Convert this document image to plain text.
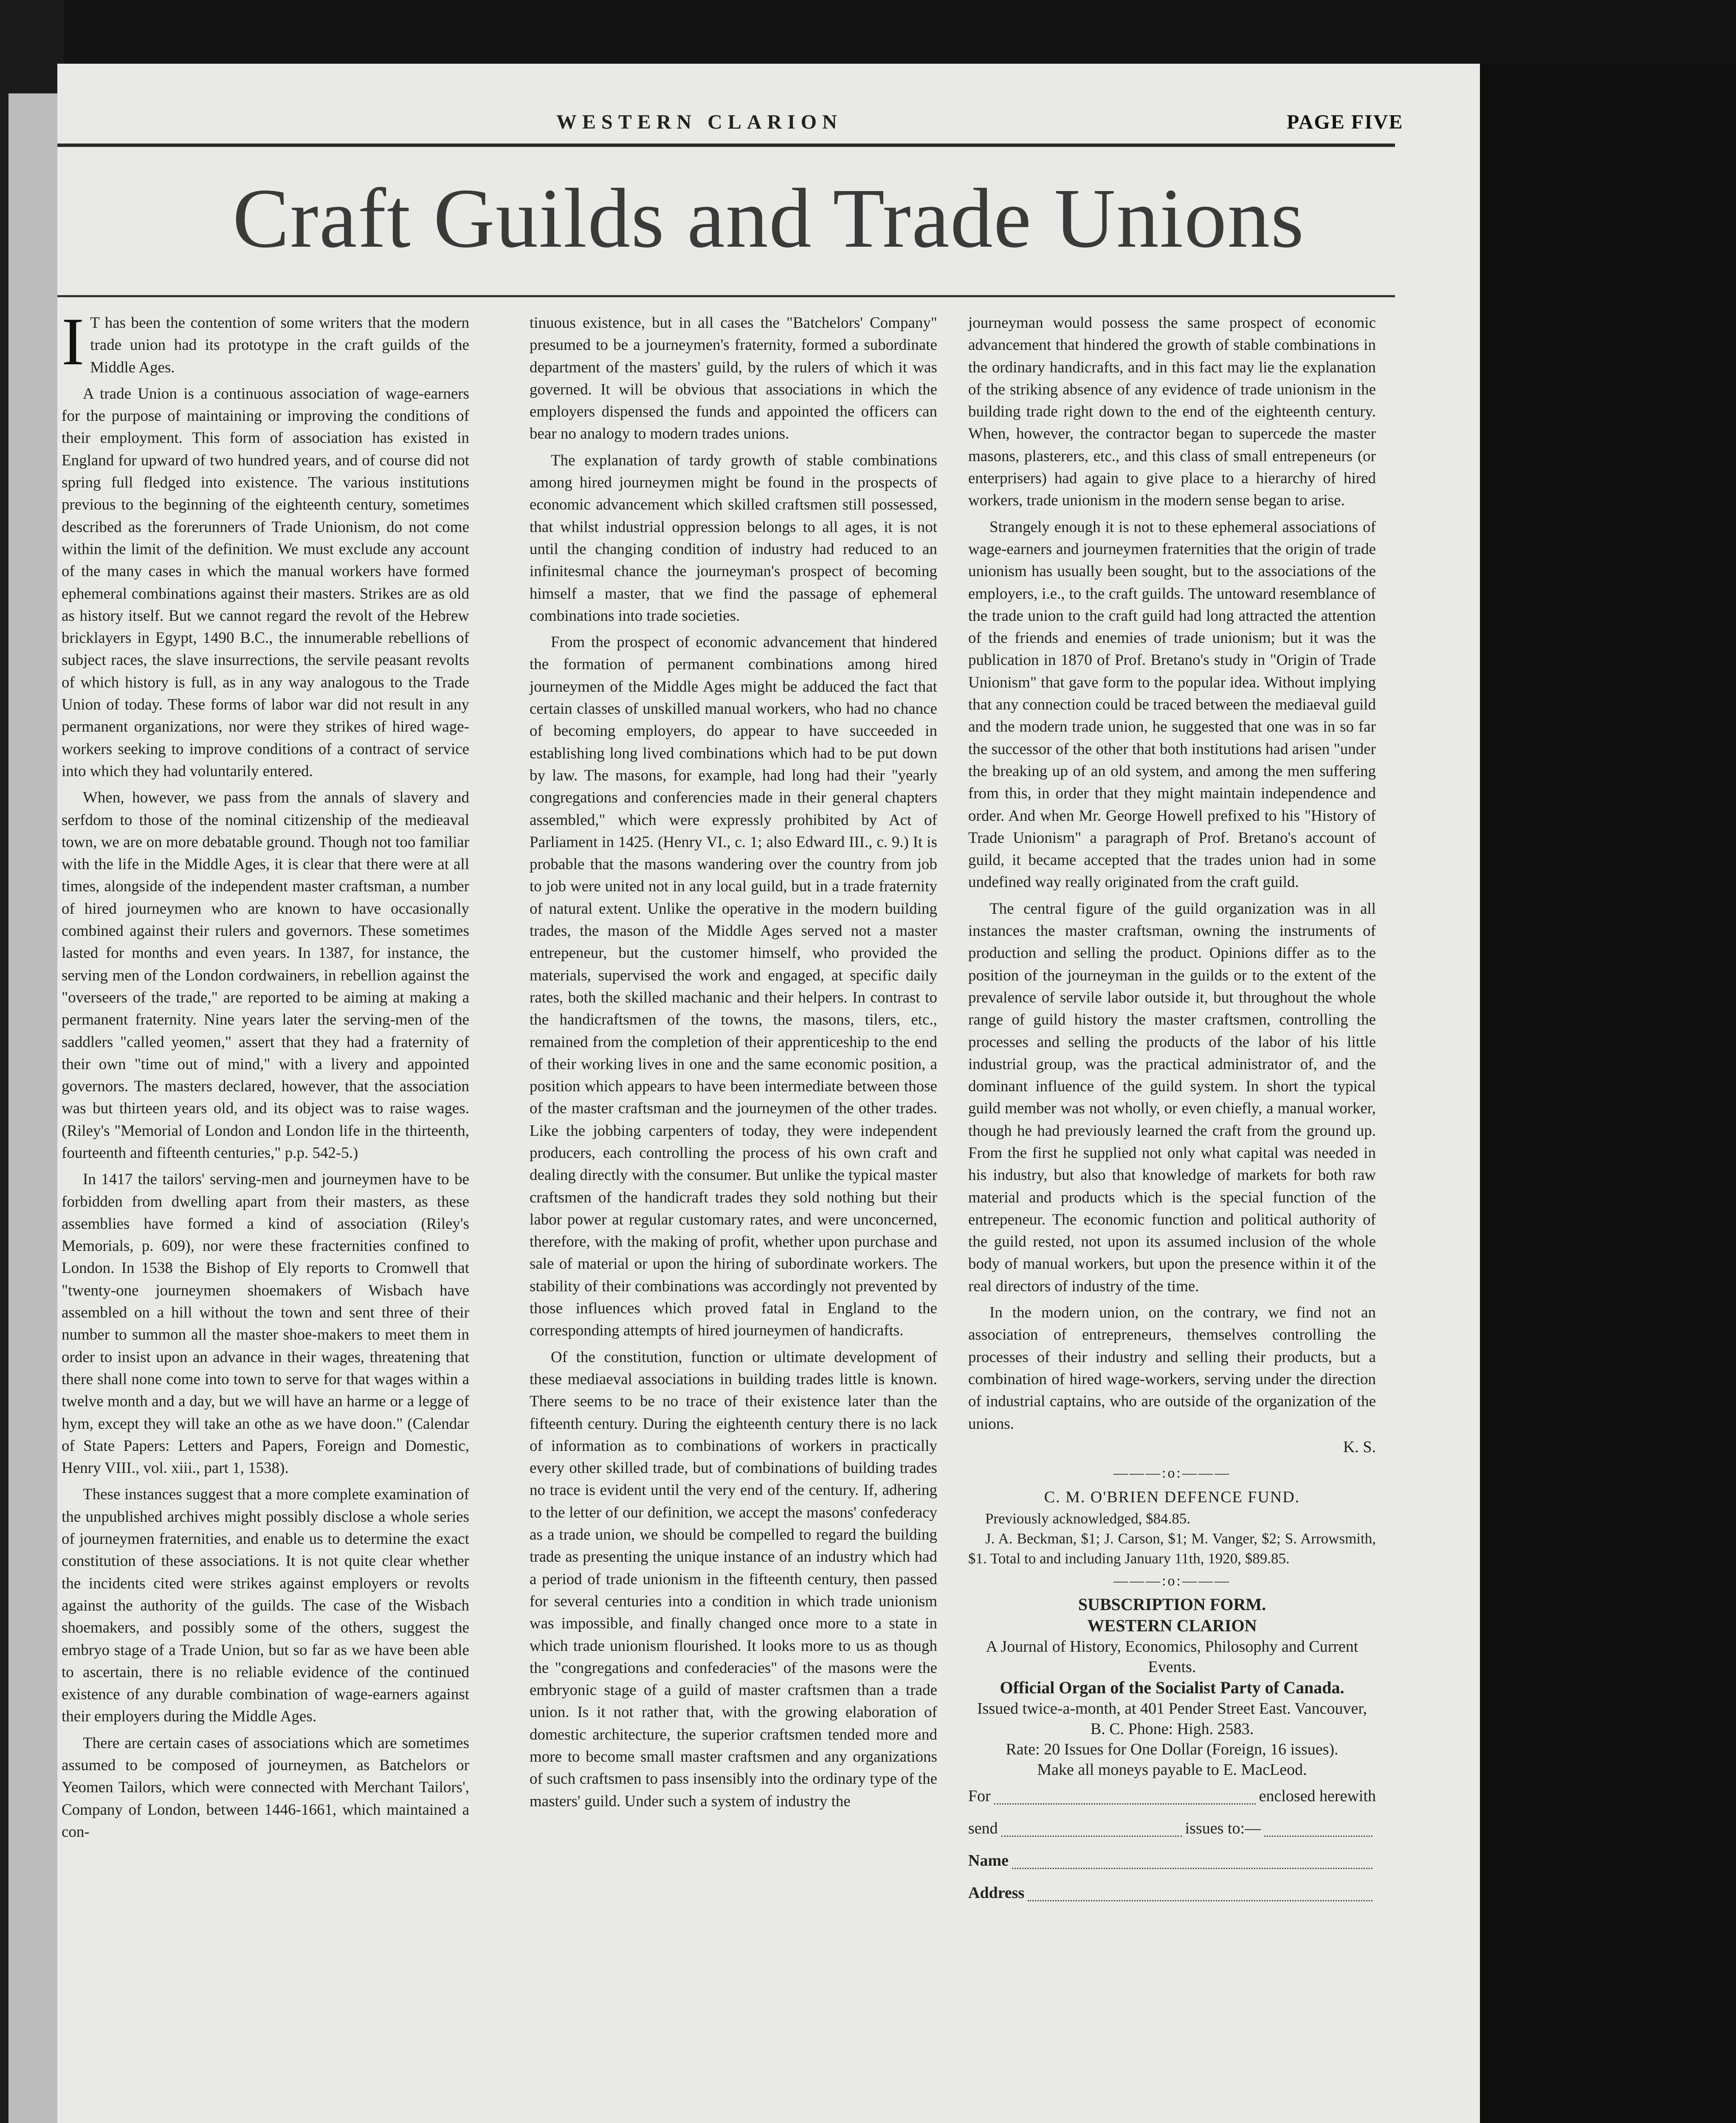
WESTERN CLARION	PAGE FIVE
Craft Guilds and Trade Unions

I T has been the contention of some writers that the modern trade union had its prototype in the craft guilds of the Middle Ages.

A trade Union is a continuous association of wage-earners for the purpose of maintaining or improving the conditions of their employment. This form of association has existed in England for upward of two hundred years, and of course did not spring full fledged into existence. The various institutions previous to the beginning of the eighteenth century, sometimes described as the forerunners of Trade Unionism, do not come within the limit of the definition. We must exclude any account of the many cases in which the manual workers have formed ephemeral combinations against their masters. Strikes are as old as history itself. But we cannot regard the revolt of the Hebrew bricklayers in Egypt, 1490 B.C., the innumerable rebellions of subject races, the slave insurrections, the servile peasant revolts of which history is full, as in any way analogous to the Trade Union of today. These forms of labor war did not result in any permanent organizations, nor were they strikes of hired wage-workers seeking to improve conditions of a contract of service into which they had voluntarily entered.

When, however, we pass from the annals of slavery and serfdom to those of the nominal citizenship of the medieaval town, we are on more debatable ground. Though not too familiar with the life in the Middle Ages, it is clear that there were at all times, alongside of the independent master craftsman, a number of hired journeymen who are known to have occasionally combined against their rulers and governors. These sometimes lasted for months and even years. In 1387, for instance, the serving men of the London cordwainers, in rebellion against the "overseers of the trade," are reported to be aiming at making a permanent fraternity. Nine years later the serving-men of the saddlers "called yeomen," assert that they had a fraternity of their own "time out of mind," with a livery and appointed governors. The masters declared, however, that the association was but thirteen years old, and its object was to raise wages. (Riley's "Memorial of London and London life in the thirteenth, fourteenth and fifteenth centuries," p.p. 542-5.)

In 1417 the tailors' serving-men and journeymen have to be forbidden from dwelling apart from their masters, as these assemblies have formed a kind of association (Riley's Memorials, p. 609), nor were these fracternities confined to London. In 1538 the Bishop of Ely reports to Cromwell that "twenty-one journeymen shoemakers of Wisbach have assembled on a hill without the town and sent three of their number to summon all the master shoe-makers to meet them in order to insist upon an advance in their wages, threatening that there shall none come into town to serve for that wages within a twelve month and a day, but we will have an harme or a legge of hym, except they will take an othe as we have doon." (Calendar of State Papers: Letters and Papers, Foreign and Domestic, Henry VIII., vol. xiii., part 1, 1538).

These instances suggest that a more complete examination of the unpublished archives might possibly disclose a whole series of journeymen fraternities, and enable us to determine the exact constitution of these associations. It is not quite clear whether the incidents cited were strikes against employers or revolts against the authority of the guilds. The case of the Wisbach shoemakers, and possibly some of the others, suggest the embryo stage of a Trade Union, but so far as we have been able to ascertain, there is no reliable evidence of the continued existence of any durable combination of wage-earners against their employers during the Middle Ages.

There are certain cases of associations which are sometimes assumed to be composed of journeymen, as Batchelors or Yeomen Tailors, which were connected with Merchant Tailors', Company of London, between 1446-1661, which maintained a con-

tinuous existence, but in all cases the "Batchelors' Company" presumed to be a journeymen's fraternity, formed a subordinate department of the masters' guild, by the rulers of which it was governed. It will be obvious that associations in which the employers dispensed the funds and appointed the officers can bear no analogy to modern trades unions.

The explanation of tardy growth of stable combinations among hired journeymen might be found in the prospects of economic advancement which skilled craftsmen still possessed, that whilst industrial oppression belongs to all ages, it is not until the changing condition of industry had reduced to an infinitesmal chance the journeyman's prospect of becoming himself a master, that we find the passage of ephemeral combinations into trade societies.

From the prospect of economic advancement that hindered the formation of permanent combinations among hired journeymen of the Middle Ages might be adduced the fact that certain classes of unskilled manual workers, who had no chance of becoming employers, do appear to have succeeded in establishing long lived combinations which had to be put down by law. The masons, for example, had long had their "yearly congregations and conferencies made in their general chapters assembled," which were expressly prohibited by Act of Parliament in 1425. (Henry VI., c. 1; also Edward III., c. 9.) It is probable that the masons wandering over the country from job to job were united not in any local guild, but in a trade fraternity of natural extent. Unlike the operative in the modern building trades, the mason of the Middle Ages served not a master entrepeneur, but the customer himself, who provided the materials, supervised the work and engaged, at specific daily rates, both the skilled machanic and their helpers. In contrast to the handicraftsmen of the towns, the masons, tilers, etc., remained from the completion of their apprenticeship to the end of their working lives in one and the same economic position, a position which appears to have been intermediate between those of the master craftsman and the journeymen of the other trades. Like the jobbing carpenters of today, they were independent producers, each controlling the process of his own craft and dealing directly with the consumer. But unlike the typical master craftsmen of the handicraft trades they sold nothing but their labor power at regular customary rates, and were unconcerned, therefore, with the making of profit, whether upon purchase and sale of material or upon the hiring of subordinate workers. The stability of their combinations was accordingly not prevented by those influences which proved fatal in England to the corresponding attempts of hired journeymen of handicrafts.

Of the constitution, function or ultimate development of these mediaeval associations in building trades little is known. There seems to be no trace of their existence later than the fifteenth century. During the eighteenth century there is no lack of information as to combinations of workers in practically every other skilled trade, but of combinations of building trades no trace is evident until the very end of the century. If, adhering to the letter of our definition, we accept the masons' confederacy as a trade union, we should be compelled to regard the building trade as presenting the unique instance of an industry which had a period of trade unionism in the fifteenth century, then passed for several centuries into a condition in which trade unionism was impossible, and finally changed once more to a state in which trade unionism flourished. It looks more to us as though the "congregations and confederacies" of the masons were the embryonic stage of a guild of master craftsmen than a trade union. Is it not rather that, with the growing elaboration of domestic architecture, the superior craftsmen tended more and more to become small master craftsmen and any organizations of such craftsmen to pass insensibly into the ordinary type of the masters' guild. Under such a system of industry the

journeyman would possess the same prospect of economic advancement that hindered the growth of stable combinations in the ordinary handicrafts, and in this fact may lie the explanation of the striking absence of any evidence of trade unionism in the building trade right down to the end of the eighteenth century. When, however, the contractor began to supercede the master masons, plasterers, etc., and this class of small entrepeneurs (or enterprisers) had again to give place to a hierarchy of hired workers, trade unionism in the modern sense began to arise.

Strangely enough it is not to these ephemeral associations of wage-earners and journeymen fraternities that the origin of trade unionism has usually been sought, but to the associations of the employers, i.e., to the craft guilds. The untoward resemblance of the trade union to the craft guild had long attracted the attention of the friends and enemies of trade unionism; but it was the publication in 1870 of Prof. Bretano's study in "Origin of Trade Unionism" that gave form to the popular idea. Without implying that any connection could be traced between the mediaeval guild and the modern trade union, he suggested that one was in so far the successor of the other that both institutions had arisen "under the breaking up of an old system, and among the men suffering from this, in order that they might maintain independence and order. And when Mr. George Howell prefixed to his "History of Trade Unionism" a paragraph of Prof. Bretano's account of guild, it became accepted that the trades union had in some undefined way really originated from the craft guild.

The central figure of the guild organization was in all instances the master craftsman, owning the instruments of production and selling the product. Opinions differ as to the position of the journeyman in the guilds or to the extent of the prevalence of servile labor outside it, but throughout the whole range of guild history the master craftsmen, controlling the processes and selling the products of the labor of his little industrial group, was the practical administrator of, and the dominant influence of the guild system. In short the typical guild member was not wholly, or even chiefly, a manual worker, though he had previously learned the craft from the ground up. From the first he supplied not only what capital was needed in his industry, but also that knowledge of markets for both raw material and products which is the special function of the entrepeneur. The economic function and political authority of the guild rested, not upon its assumed inclusion of the whole body of manual workers, but upon the presence within it of the real directors of industry of the time.

In the modern union, on the contrary, we find not an association of entrepreneurs, themselves controlling the processes of their industry and selling their products, but a combination of hired wage-workers, serving under the direction of industrial captains, who are outside of the organization of the unions.

K. S.
———:o:———
C. M. O'BRIEN DEFENCE FUND.
Previously acknowledged, $84.85.
J. A. Beckman, $1; J. Carson, $1; M. Vanger, $2; S. Arrowsmith, $1. Total to and including January 11th, 1920, $89.85.
———:o:———
SUBSCRIPTION FORM.
WESTERN CLARION
A Journal of History, Economics, Philosophy and Current Events.
Official Organ of the Socialist Party of Canada.
Issued twice-a-month, at 401 Pender Street East. Vancouver, B. C. Phone: High. 2583.
Rate: 20 Issues for One Dollar (Foreign, 16 issues).
Make all moneys payable to E. MacLeod.
For	enclosed herewith
send	issues to:—
Name
Address
